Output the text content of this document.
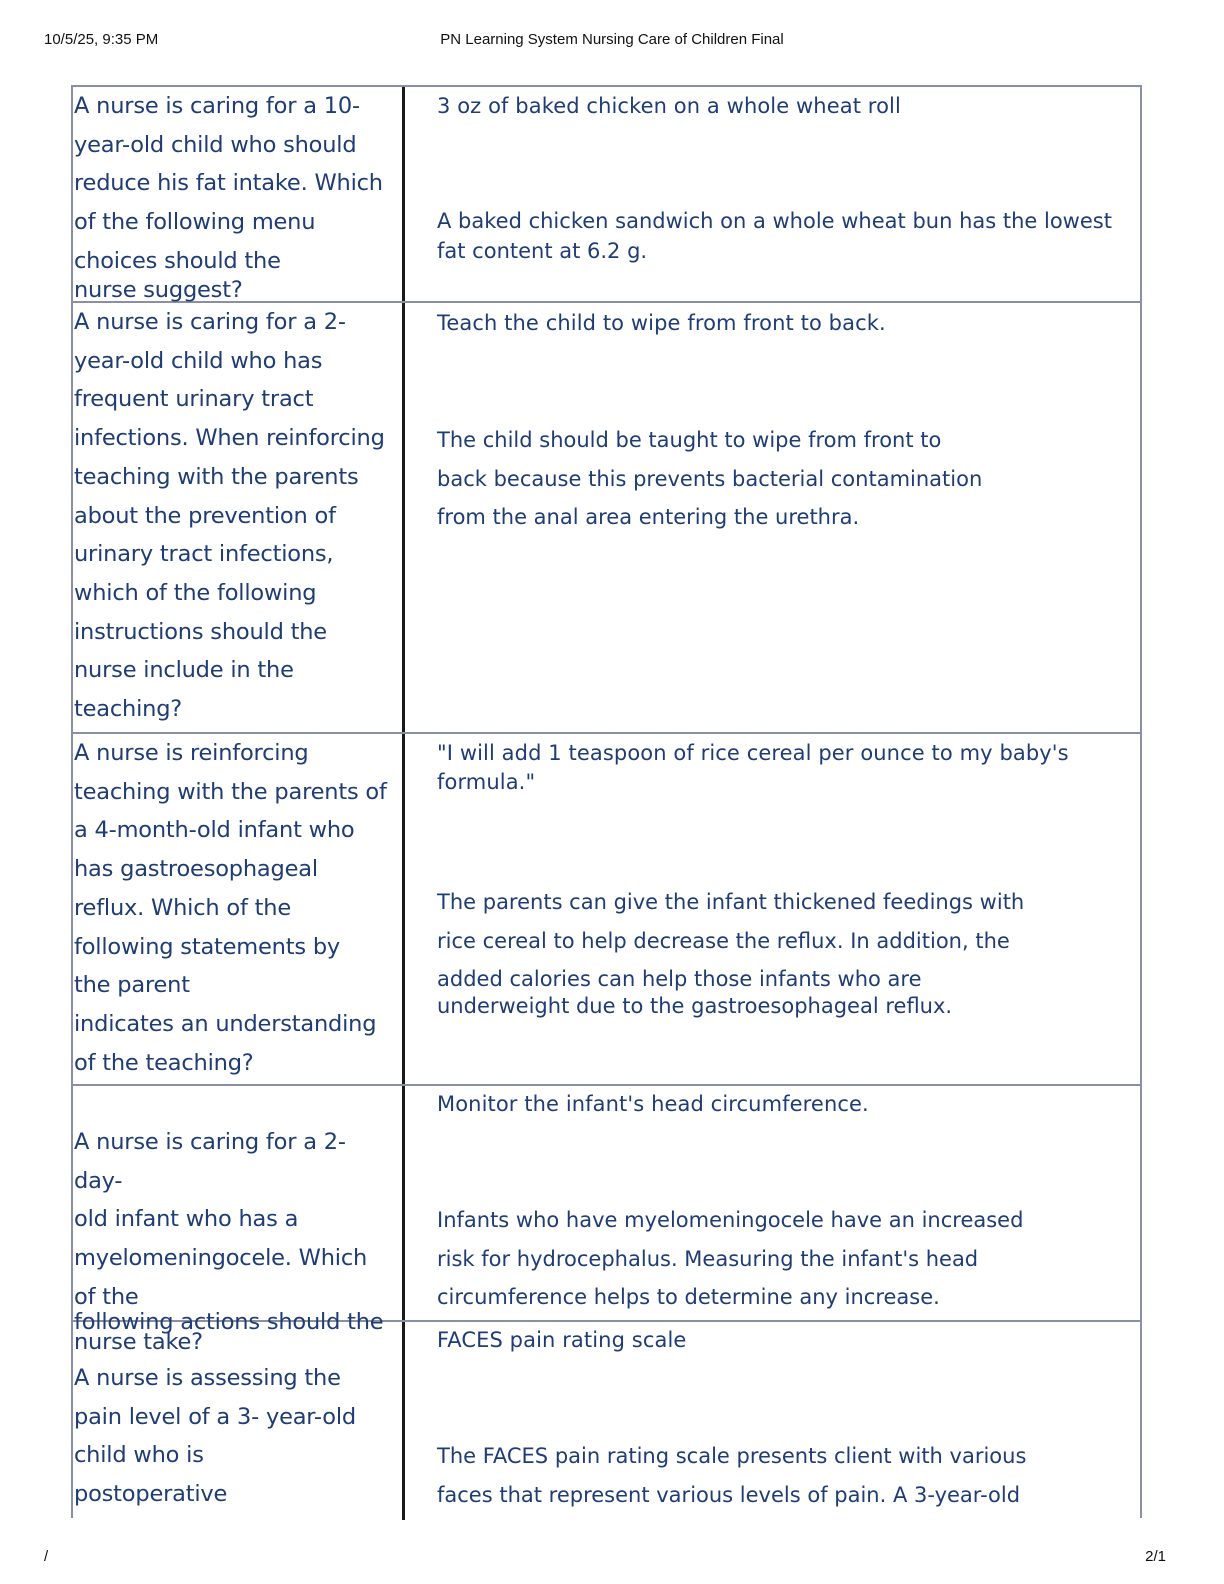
10/5/25, 9:35 PM	PN Learning System Nursing Care of Children Final
A nurse is caring for a 10-
year-old child who should
reduce his fat intake. Which
of the following menu
choices should the
nurse suggest?
3 oz of baked chicken on a whole wheat roll
A baked chicken sandwich on a whole wheat bun has the lowest
fat content at 6.2 g.
A nurse is caring for a 2-
year-old child who has
frequent urinary tract
infections. When reinforcing
teaching with the parents
about the prevention of
urinary tract infections,
which of the following
instructions should the
nurse include in the
teaching?
Teach the child to wipe from front to back.
The child should be taught to wipe from front to
back because this prevents bacterial contamination
from the anal area entering the urethra.
A nurse is reinforcing
teaching with the parents of
a 4-month-old infant who
has gastroesophageal
reflux. Which of the
following statements by
the parent
indicates an understanding
of the teaching?
"I will add 1 teaspoon of rice cereal per ounce to my baby's formula."
The parents can give the infant thickened feedings with
rice cereal to help decrease the reflux. In addition, the
added calories can help those infants who are
underweight due to the gastroesophageal reflux.
A nurse is caring for a 2-day-
old infant who has a
myelomeningocele. Which
of the
following actions should the
nurse take?
Monitor the infant's head circumference.
Infants who have myelomeningocele have an increased
risk for hydrocephalus. Measuring the infant's head
circumference helps to determine any increase.
A nurse is assessing the
pain level of a 3- year-old
child who is
postoperative
FACES pain rating scale
The FACES pain rating scale presents client with various
faces that represent various levels of pain. A 3-year-old
/	2/1
